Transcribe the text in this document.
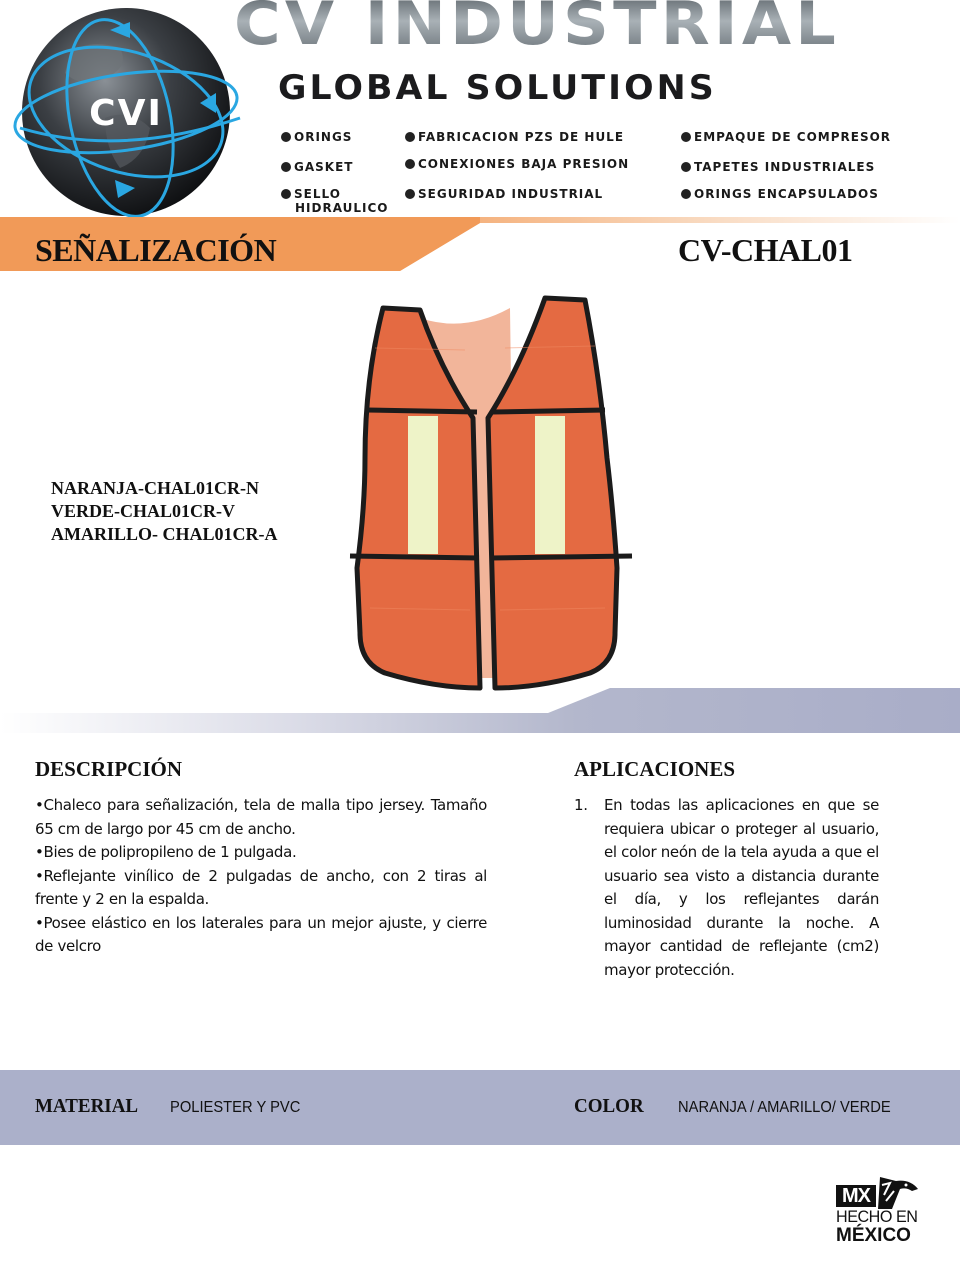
CVI
CV INDUSTRIAL
GLOBAL SOLUTIONS
ORINGS
GASKET
SELLO
HIDRAULICO
FABRICACION PZS DE HULE
CONEXIONES BAJA PRESION
SEGURIDAD INDUSTRIAL
EMPAQUE DE COMPRESOR
TAPETES INDUSTRIALES
ORINGS ENCAPSULADOS
SEÑALIZACIÓN	CV-CHAL01
NARANJA-CHAL01CR-N
VERDE-CHAL01CR-V
AMARILLO- CHAL01CR-A
DESCRIPCIÓN

•Chaleco para señalización, tela de malla tipo jersey. Tamaño 65 cm de largo por 45 cm de ancho.

•Bies de polipropileno de 1 pulgada.

•Reflejante vinílico de 2 pulgadas de ancho, con 2 tiras al frente y 2 en la espalda.

•Posee elástico en los laterales para un mejor ajuste, y cierre de velcro

APLICACIONES
1.	En todas las aplicaciones en que se requiera ubicar o proteger al usuario, el color neón de la tela ayuda a que el usuario sea visto a distancia durante el día, y los reflejantes darán luminosidad durante la noche. A mayor cantidad de reflejante (cm2) mayor protección.
MATERIAL POLIESTER Y PVC	COLOR NARANJA / AMARILLO/ VERDE
MX
HECHO EN
MÉXICO
